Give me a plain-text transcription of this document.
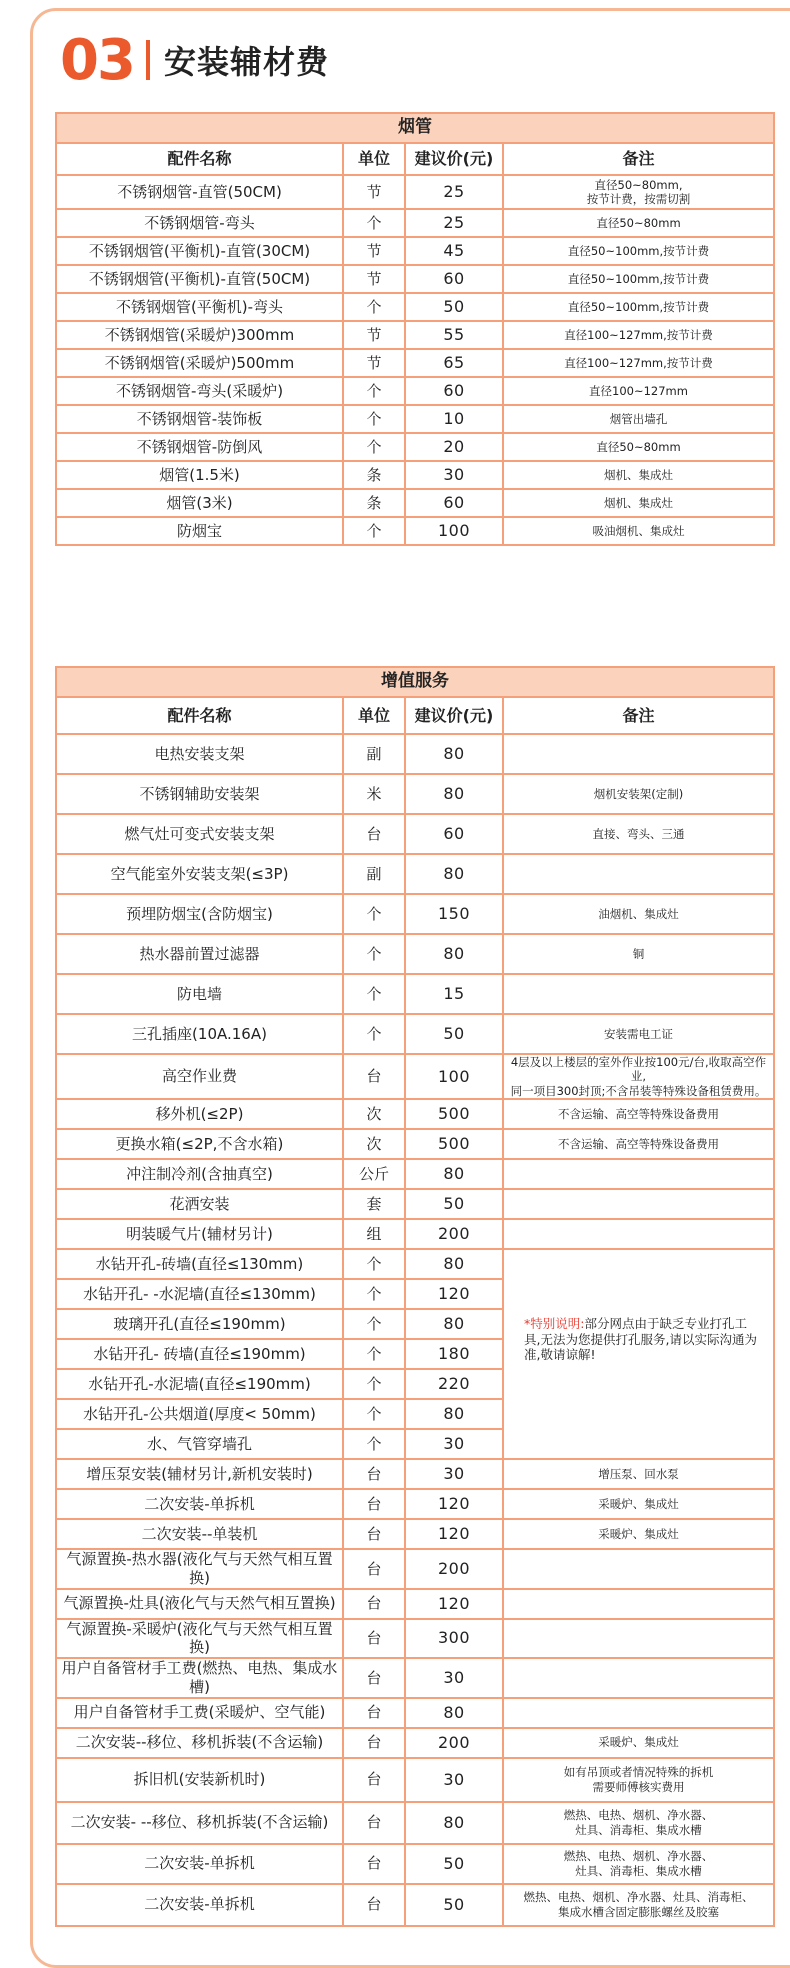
03 安装辅材费
烟管			
配件名称	单位	建议价(元)	备注
不锈钢烟管-直管(50CM)	节	25	直径50~80mm,
按节计费，按需切割
不锈钢烟管-弯头	个	25	直径50~80mm
不锈钢烟管(平衡机)-直管(30CM)	节	45	直径50~100mm,按节计费
不锈钢烟管(平衡机)-直管(50CM)	节	60	直径50~100mm,按节计费
不锈钢烟管(平衡机)-弯头	个	50	直径50~100mm,按节计费
不锈钢烟管(采暖炉)300mm	节	55	直径100~127mm,按节计费
不锈钢烟管(采暖炉)500mm	节	65	直径100~127mm,按节计费
不锈钢烟管-弯头(采暖炉)	个	60	直径100~127mm
不锈钢烟管-装饰板	个	10	烟管出墙孔
不锈钢烟管-防倒风	个	20	直径50~80mm
烟管(1.5米)	条	30	烟机、集成灶
烟管(3米)	条	60	烟机、集成灶
防烟宝	个	100	吸油烟机、集成灶
增值服务			
配件名称	单位	建议价(元)	备注
电热安装支架	副	80	
不锈钢辅助安装架	米	80	烟机安装架(定制)
燃气灶可变式安装支架	台	60	直接、弯头、三通
空气能室外安装支架(≤3P)	副	80	
预埋防烟宝(含防烟宝)	个	150	油烟机、集成灶
热水器前置过滤器	个	80	铜
防电墙	个	15	
三孔插座(10A.16A)	个	50	安装需电工证
高空作业费	台	100	4层及以上楼层的室外作业按100元/台,收取高空作业,
同一项目300封顶;不含吊装等特殊设备租赁费用。
移外机(≤2P)	次	500	不含运输、高空等特殊设备费用
更换水箱(≤2P,不含水箱)	次	500	不含运输、高空等特殊设备费用
冲注制冷剂(含抽真空)	公斤	80	
花洒安装	套	50	
明装暖气片(辅材另计)	组	200	
水钻开孔-砖墙(直径≤130mm)	个	80	*特别说明:部分网点由于缺乏专业打孔工具,无法为您提供打孔服务,请以实际沟通为准,敬请谅解!
水钻开孔- -水泥墙(直径≤130mm)	个	120	
玻璃开孔(直径≤190mm)	个	80	
水钻开孔- 砖墙(直径≤190mm)	个	180	
水钻开孔-水泥墙(直径≤190mm)	个	220	
水钻开孔-公共烟道(厚度< 50mm)	个	80	
水、气管穿墙孔	个	30	
增压泵安装(辅材另计,新机安装时)	台	30	增压泵、回水泵
二次安装-单拆机	台	120	采暖炉、集成灶
二次安装--单装机	台	120	采暖炉、集成灶
气源置换-热水器(液化气与天然气相互置换)	台	200	
气源置换-灶具(液化气与天然气相互置换)	台	120	
气源置换-采暖炉(液化气与天然气相互置换)	台	300	
用户自备管材手工费(燃热、电热、集成水槽)	台	30	
用户自备管材手工费(采暖炉、空气能)	台	80	
二次安装--移位、移机拆装(不含运输)	台	200	采暖炉、集成灶
拆旧机(安装新机时)	台	30	如有吊顶或者情况特殊的拆机
需要师傅核实费用
二次安装- --移位、移机拆装(不含运输)	台	80	燃热、电热、烟机、净水器、
灶具、消毒柜、集成水槽
二次安装-单拆机	台	50	燃热、电热、烟机、净水器、
灶具、消毒柜、集成水槽
二次安装-单拆机	台	50	燃热、电热、烟机、净水器、灶具、消毒柜、
集成水槽含固定膨胀螺丝及胶塞
